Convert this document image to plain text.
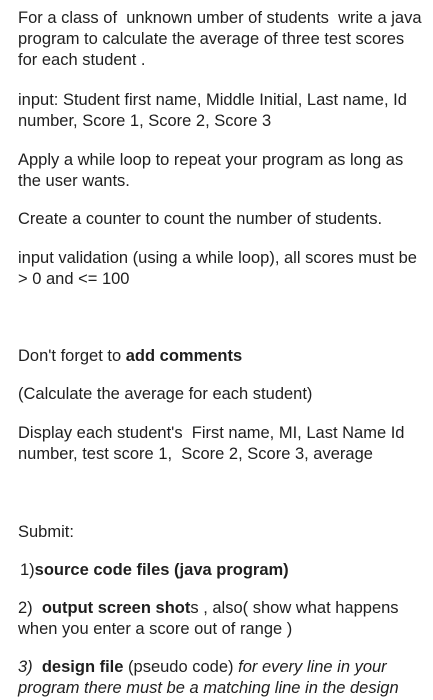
For a class of  unknown umber of students  write a java program to calculate the average of three test scores for each student .

input: Student first name, Middle Initial, Last name, Id number, Score 1, Score 2, Score 3

Apply a while loop to repeat your program as long as the user wants.

Create a counter to count the number of students.

input validation (using a while loop), all scores must be > 0 and <= 100

Don't forget to add comments

(Calculate the average for each student)

Display each student's  First name, MI, Last Name Id number, test score 1,  Score 2, Score 3, average

Submit:

1)source code files (java program)

2)  output screen shots , also( show what happens when you enter a score out of range )

3)  design file (pseudo code) for every line in your program there must be a matching line in the design
